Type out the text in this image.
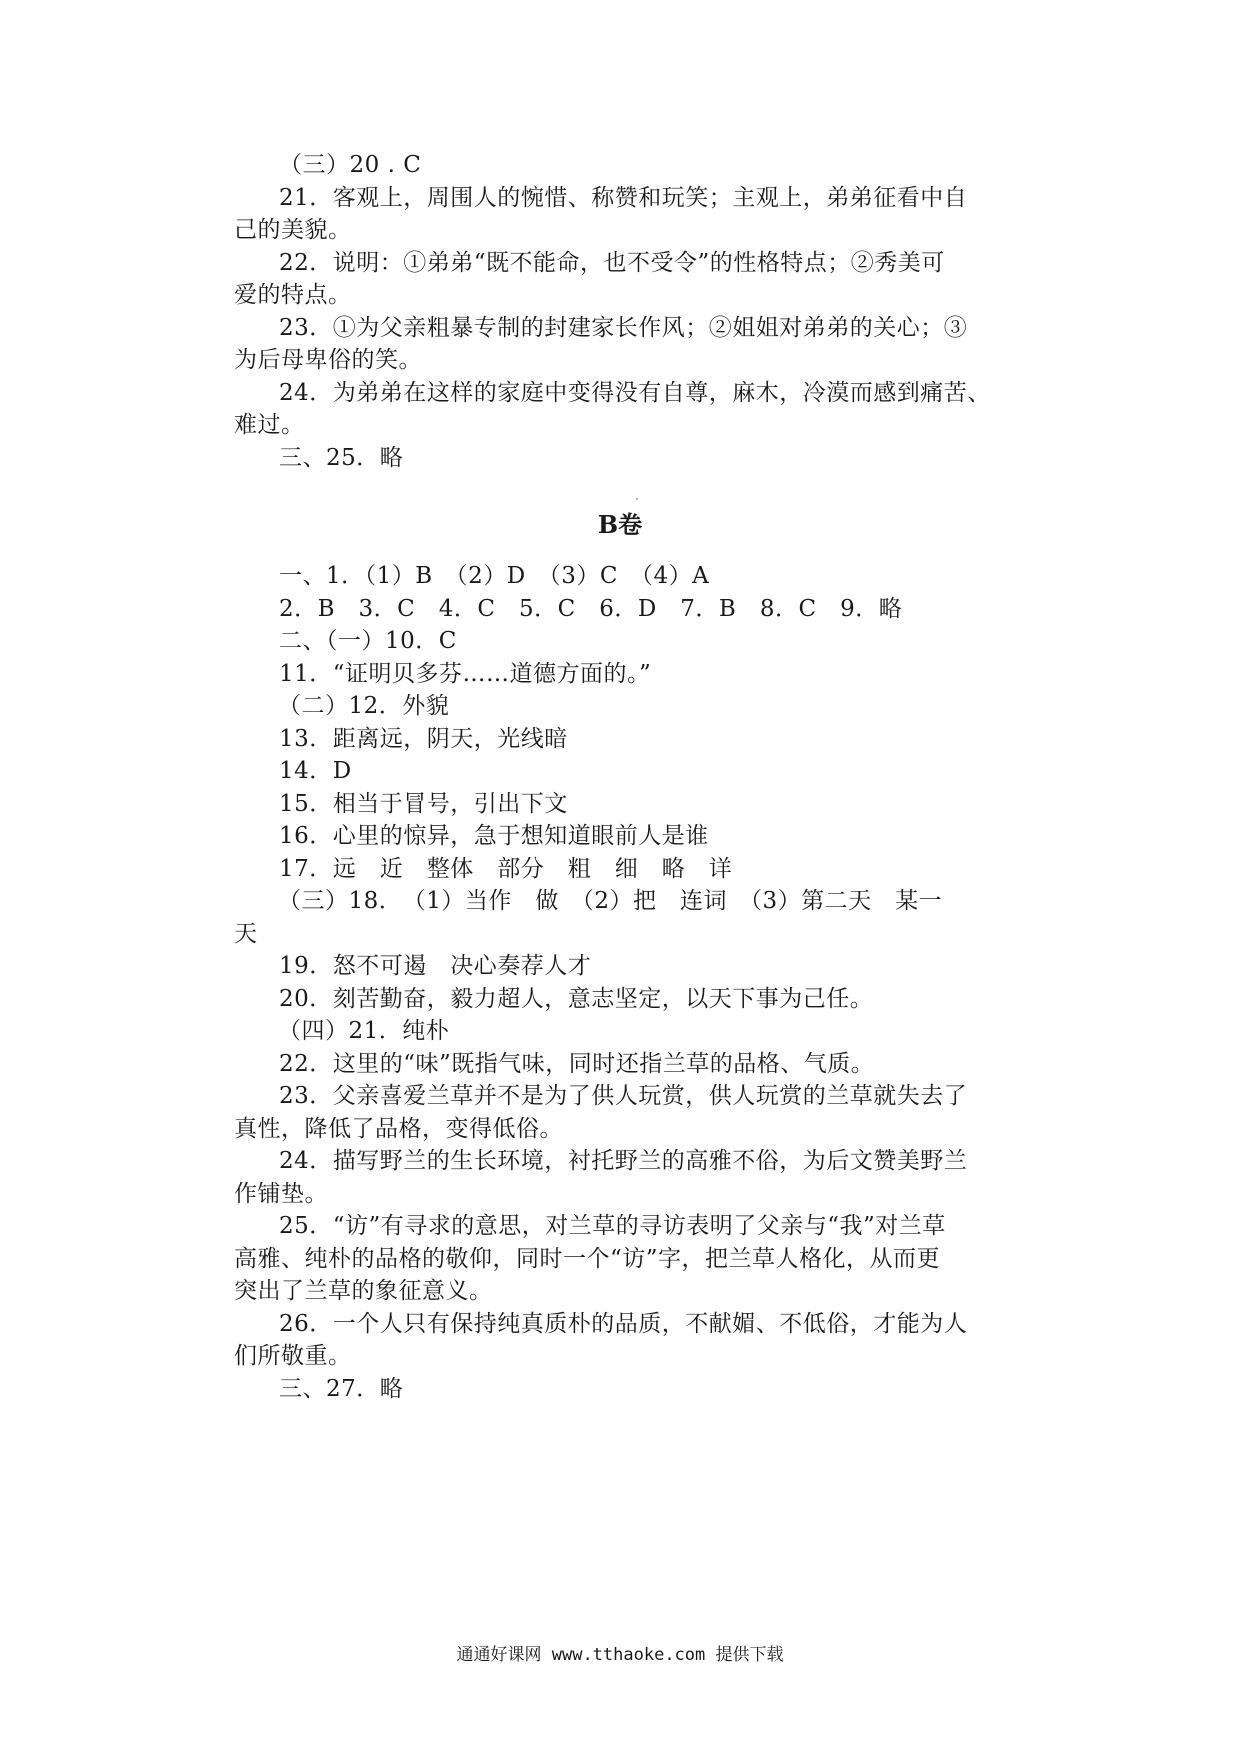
（三）20 . C

21．客观上，周围人的惋惜、称赞和玩笑；主观上，弟弟征看中自

己的美貌。

22．说明：①弟弟“既不能命，也不受令”的性格特点；②秀美可

爱的特点。

23．①为父亲粗暴专制的封建家长作风；②姐姐对弟弟的关心；③

为后母卑俗的笑。

24．为弟弟在这样的家庭中变得没有自尊，麻木，冷漠而感到痛苦、

难过。

三、25．略

B卷

一、1．（1）B　（2）D　（3）C　（4）A

2．B　3．C　4．C　5．C　6．D　7．B　8．C　9．略

二、（一）10．C

11．“证明贝多芬……道德方面的。”

（二）12．外貌

13．距离远，阴天，光线暗

14．D

15．相当于冒号，引出下文

16．心里的惊异，急于想知道眼前人是谁

17．远　近　整体　部分　粗　细　略　详

（三）18．　（1）当作　做　（2）把　连词　（3）第二天　某一

天

19．怒不可遏　决心奏荐人才

20．刻苦勤奋，毅力超人，意志坚定，以天下事为己任。

（四）21．纯朴

22．这里的“味”既指气味，同时还指兰草的品格、气质。

23．父亲喜爱兰草并不是为了供人玩赏，供人玩赏的兰草就失去了

真性，降低了品格，变得低俗。

24．描写野兰的生长环境，衬托野兰的高雅不俗，为后文赞美野兰

作铺垫。

25．“访”有寻求的意思，对兰草的寻访表明了父亲与“我”对兰草

高雅、纯朴的品格的敬仰，同时一个“访”字，把兰草人格化，从而更

突出了兰草的象征意义。

26．一个人只有保持纯真质朴的品质，不献媚、不低俗，才能为人

们所敬重。

三、27．略

通通好课网 www.tthaoke.com 提供下载
